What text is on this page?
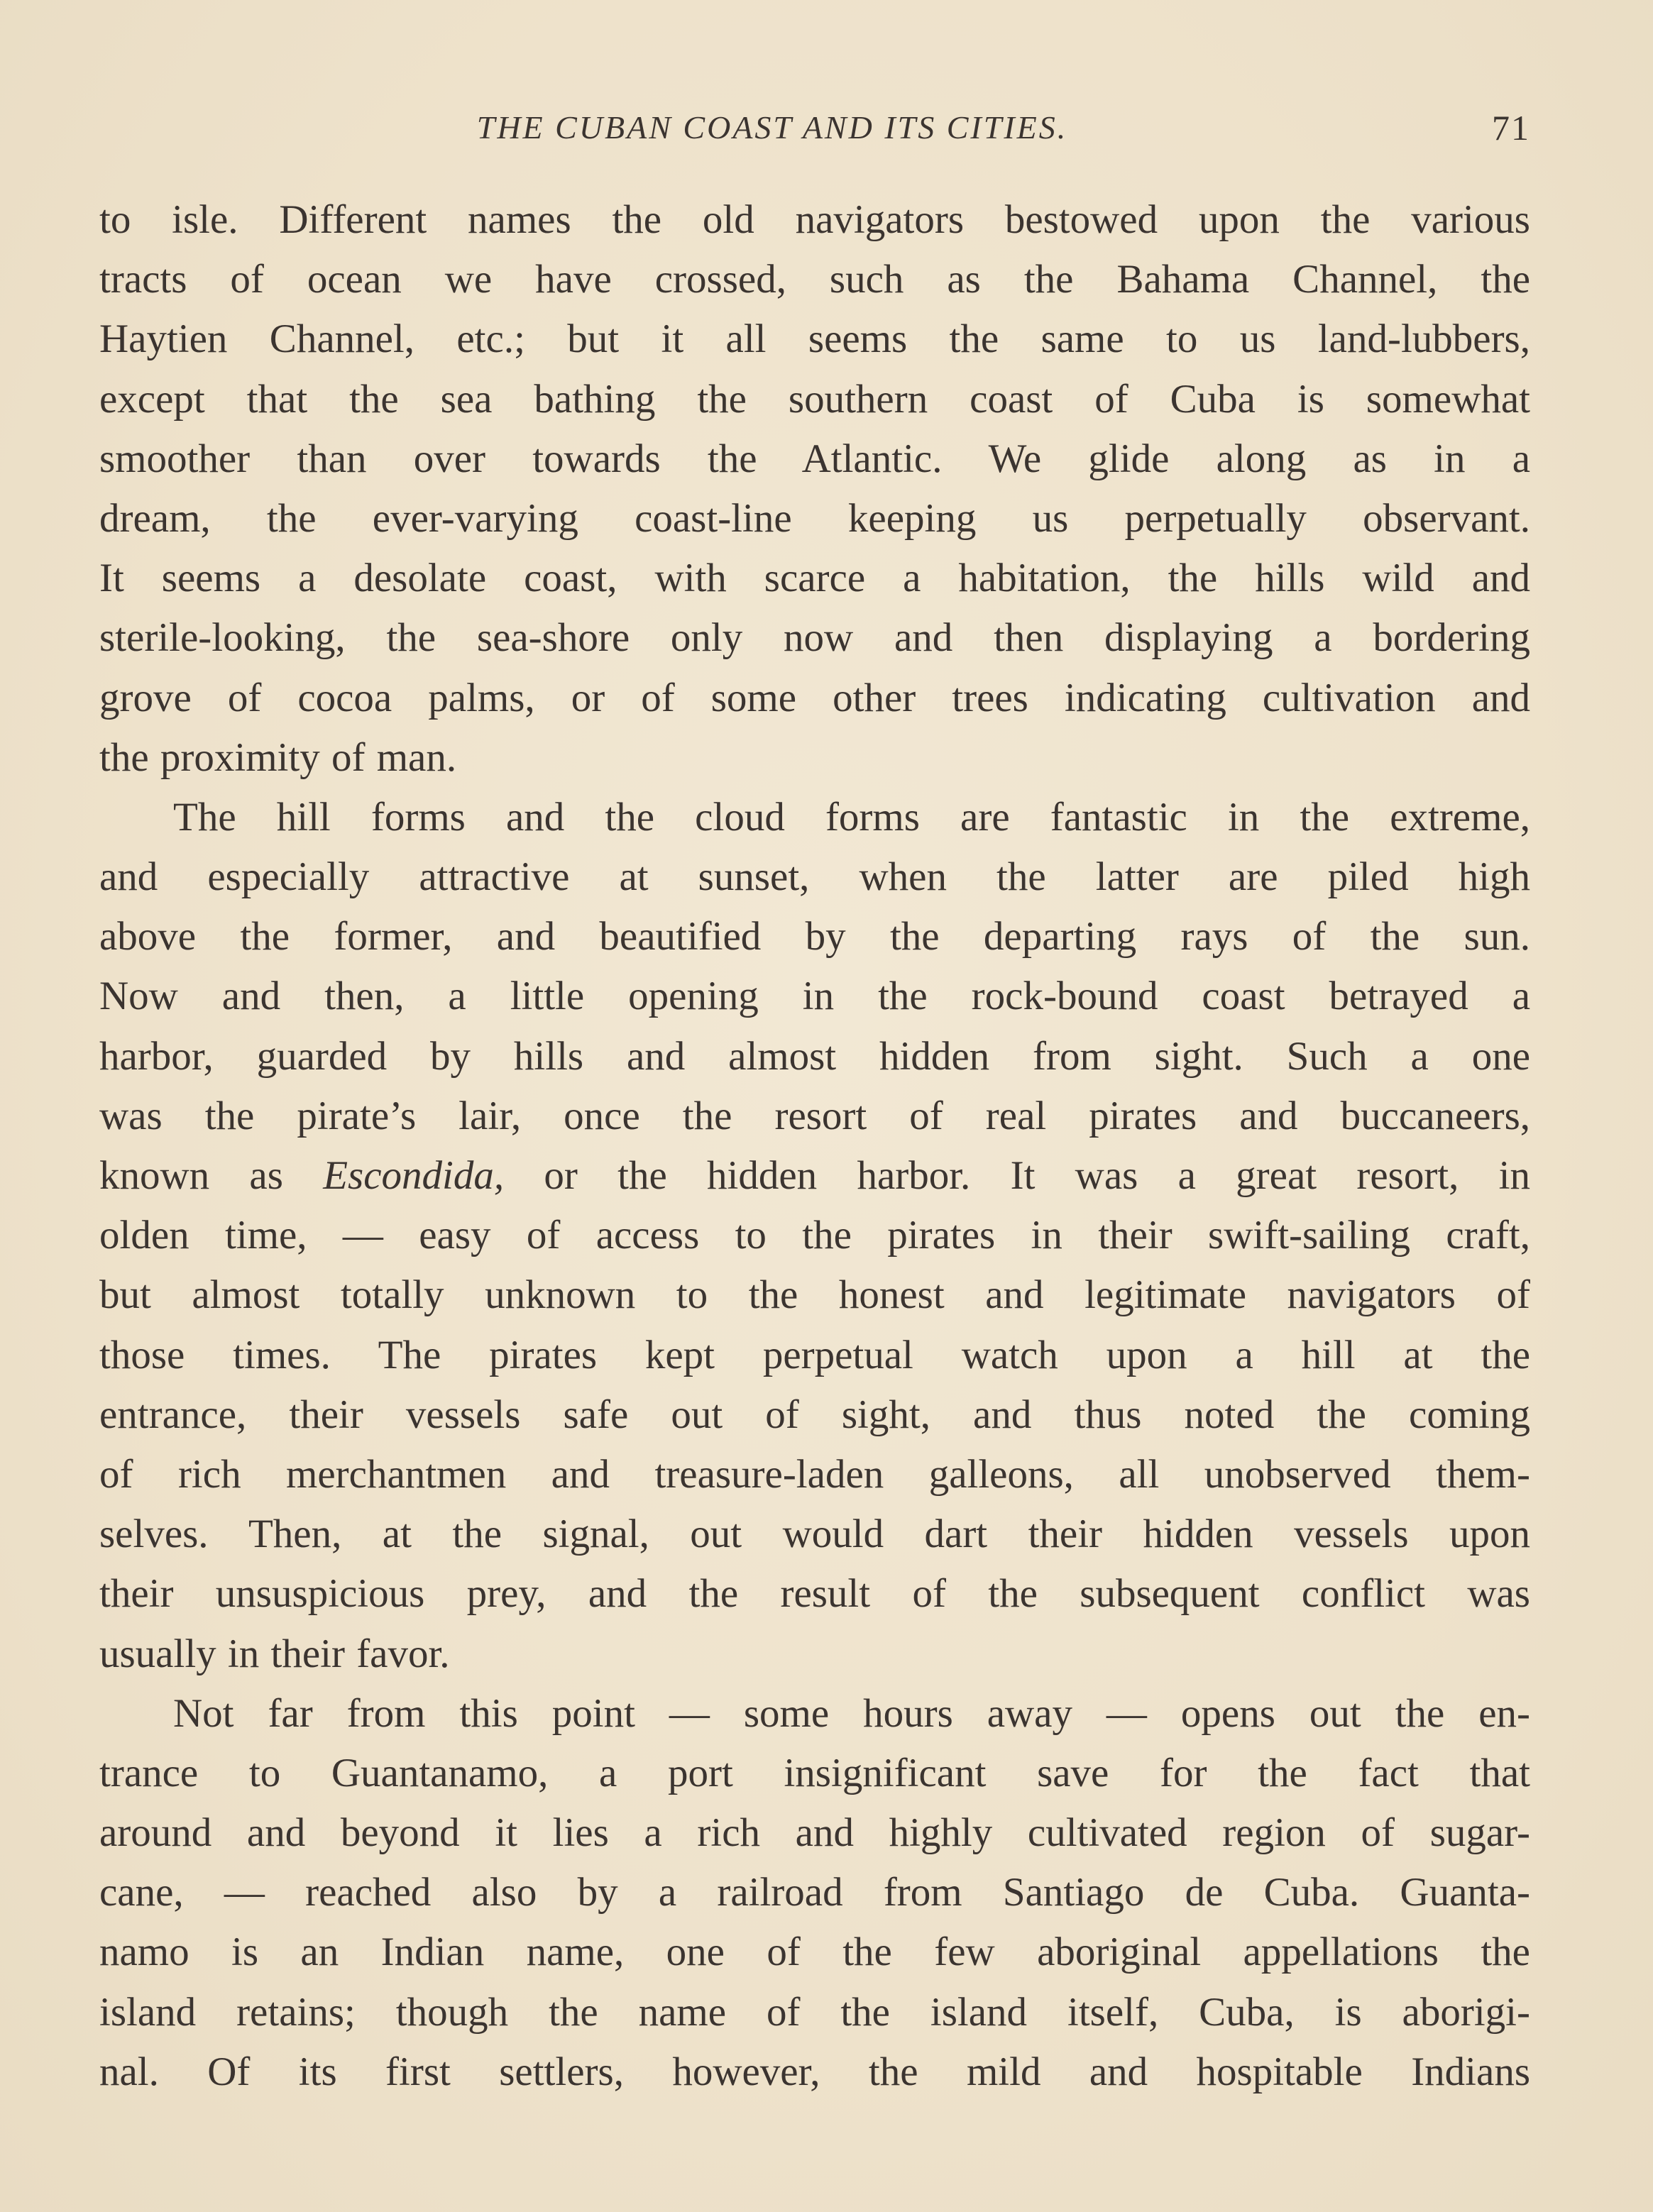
THE CUBAN COAST AND ITS CITIES.	71
to isle. Different names the old navigators bestowed upon the various
tracts of ocean we have crossed, such as the Bahama Channel, the
Haytien Channel, etc.; but it all seems the same to us land-lubbers,
except that the sea bathing the southern coast of Cuba is somewhat
smoother than over towards the Atlantic. We glide along as in a
dream, the ever-varying coast-line keeping us perpetually observant.
It seems a desolate coast, with scarce a habitation, the hills wild and
sterile-looking, the sea-shore only now and then displaying a bordering
grove of cocoa palms, or of some other trees indicating cultivation and
the proximity of man.
The hill forms and the cloud forms are fantastic in the extreme,
and especially attractive at sunset, when the latter are piled high
above the former, and beautified by the departing rays of the sun.
Now and then, a little opening in the rock-bound coast betrayed a
harbor, guarded by hills and almost hidden from sight. Such a one
was the pirate’s lair, once the resort of real pirates and buccaneers,
known as Escondida, or the hidden harbor. It was a great resort, in
olden time, — easy of access to the pirates in their swift-sailing craft,
but almost totally unknown to the honest and legitimate navigators of
those times. The pirates kept perpetual watch upon a hill at the
entrance, their vessels safe out of sight, and thus noted the coming
of rich merchantmen and treasure-laden galleons, all unobserved them-
selves. Then, at the signal, out would dart their hidden vessels upon
their unsuspicious prey, and the result of the subsequent conflict was
usually in their favor.
Not far from this point — some hours away — opens out the en-
trance to Guantanamo, a port insignificant save for the fact that
around and beyond it lies a rich and highly cultivated region of sugar-
cane, — reached also by a railroad from Santiago de Cuba. Guanta-
namo is an Indian name, one of the few aboriginal appellations the
island retains; though the name of the island itself, Cuba, is aborigi-
nal. Of its first settlers, however, the mild and hospitable Indians
